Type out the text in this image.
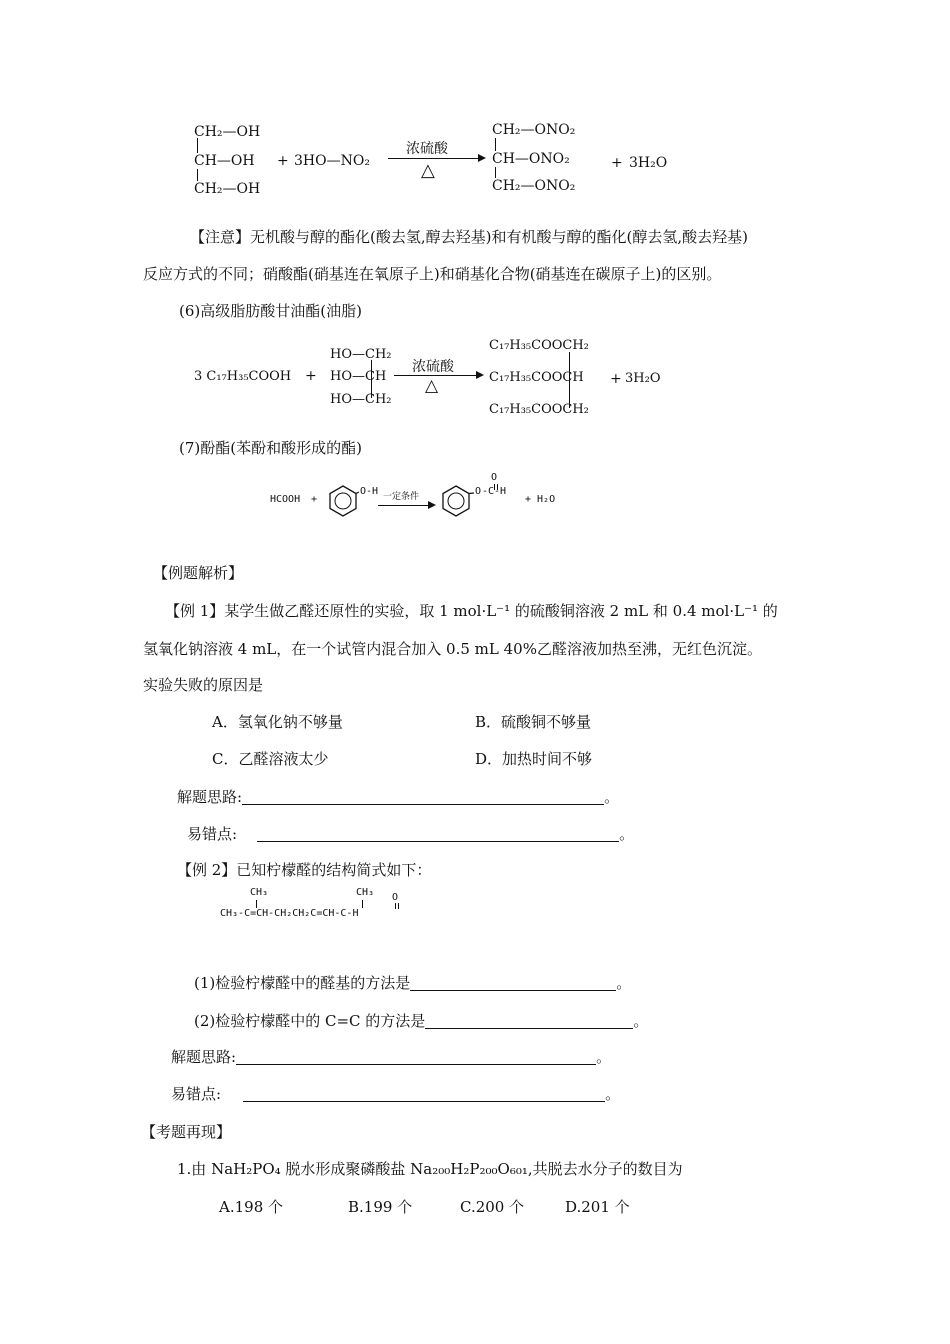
CH₂—OH
CH—OH
CH₂—OH
+ 3HO—NO₂
浓硫酸
△
CH₂—ONO₂
CH—ONO₂
CH₂—ONO₂
+ 3H₂O
【注意】无机酸与醇的酯化(酸去氢,醇去羟基)和有机酸与醇的酯化(醇去氢,酸去羟基)
反应方式的不同；硝酸酯(硝基连在氧原子上)和硝基化合物(硝基连在碳原子上)的区别。
(6)高级脂肪酸甘油酯(油脂)
3 C₁₇H₃₅COOH +
HO—CH₂
HO—CH
HO—CH₂
浓硫酸
△
C₁₇H₃₅COOCH₂
C₁₇H₃₅COOCH
C₁₇H₃₅COOCH₂
+ 3H₂O
(7)酚酯(苯酚和酸形成的酯)
HCOOH +
O-H 一定条件	O -C-H
O
+ H₂O
【例题解析】
【例 1】某学生做乙醛还原性的实验，取 1 mol·L⁻¹ 的硫酸铜溶液 2 mL 和 0.4 mol·L⁻¹ 的
氢氧化钠溶液 4 mL，在一个试管内混合加入 0.5 mL 40%乙醛溶液加热至沸，无红色沉淀。
实验失败的原因是
A．氢氧化钠不够量	B．硫酸铜不够量
C．乙醛溶液太少	D．加热时间不够
解题思路:	。
易错点:	。
【例 2】已知柠檬醛的结构简式如下：
CH₃	CH₃ O
CH₃-C=CH-CH₂CH₂C=CH-C-H
(1)检验柠檬醛中的醛基的方法是	。
(2)检验柠檬醛中的 C=C 的方法是	。
解题思路:	。
易错点:	。
【考题再现】
1.由 NaH₂PO₄ 脱水形成聚磷酸盐 Na₂₀₀H₂P₂₀₀O₆₀₁,共脱去水分子的数目为
A.198 个	B.199 个	C.200 个	D.201 个
